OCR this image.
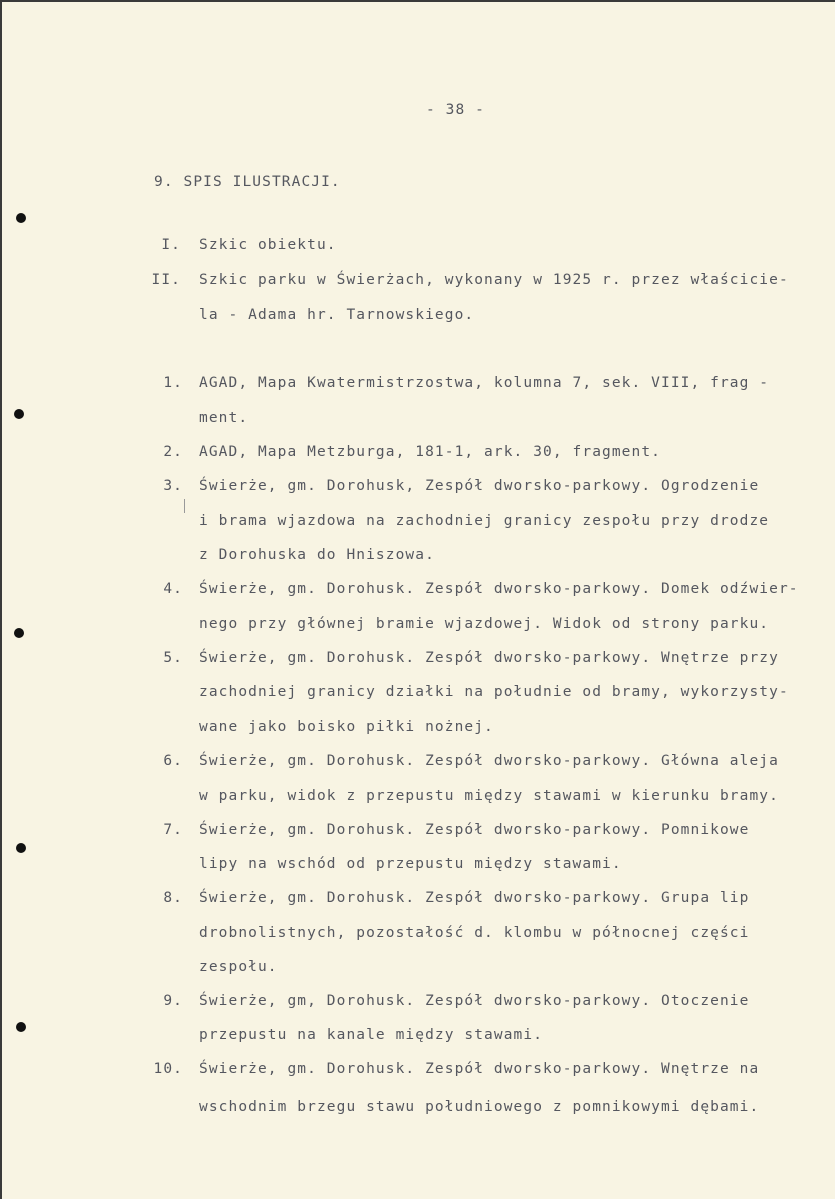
- 38 -
9. SPIS ILUSTRACJI.
I. Szkic obiektu.
II. Szkic parku w Świerżach, wykonany w 1925 r. przez właścicie-
la - Adama hr. Tarnowskiego.
1. AGAD, Mapa Kwatermistrzostwa, kolumna 7, sek. VIII, frag -
ment.
2. AGAD, Mapa Metzburga, 181-1, ark. 30, fragment.
3. Świerże, gm. Dorohusk, Zespół dworsko-parkowy. Ogrodzenie
i brama wjazdowa na zachodniej granicy zespołu przy drodze
z Dorohuska do Hniszowa.
4. Świerże, gm. Dorohusk. Zespół dworsko-parkowy. Domek odźwier-
nego przy głównej bramie wjazdowej. Widok od strony parku.
5. Świerże, gm. Dorohusk. Zespół dworsko-parkowy. Wnętrze przy
zachodniej granicy działki na południe od bramy, wykorzysty-
wane jako boisko piłki nożnej.
6. Świerże, gm. Dorohusk. Zespół dworsko-parkowy. Główna aleja
w parku, widok z przepustu między stawami w kierunku bramy.
7. Świerże, gm. Dorohusk. Zespół dworsko-parkowy. Pomnikowe
lipy na wschód od przepustu między stawami.
8. Świerże, gm. Dorohusk. Zespół dworsko-parkowy. Grupa lip
drobnolistnych, pozostałość d. klombu w północnej części
zespołu.
9. Świerże, gm, Dorohusk. Zespół dworsko-parkowy. Otoczenie
przepustu na kanale między stawami.
10. Świerże, gm. Dorohusk. Zespół dworsko-parkowy. Wnętrze na
wschodnim brzegu stawu południowego z pomnikowymi dębami.
